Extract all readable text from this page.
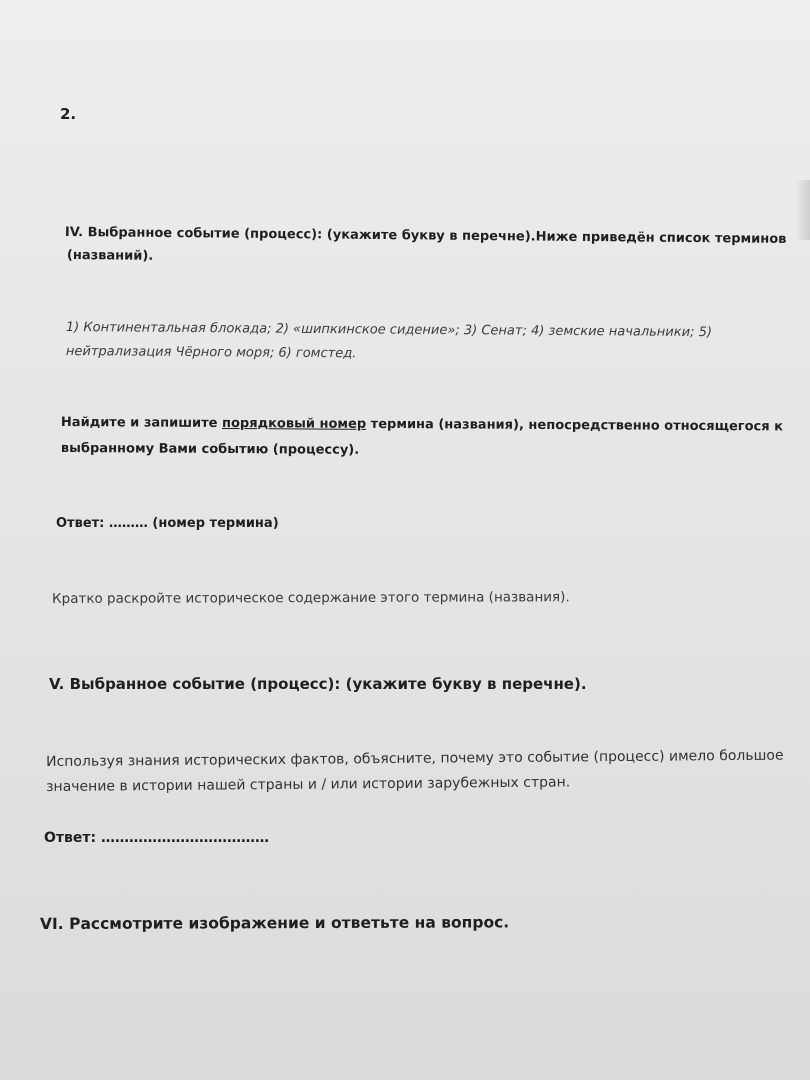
2.

IV. Выбранное событие (процесс): (укажите букву в перечне).Ниже приведён список терминов

(названий).

1) Континентальная блокада; 2) «шипкинское сидение»; 3) Сенат; 4) земские начальники; 5)

нейтрализация Чёрного моря; 6) гомстед.

Найдите и запишите порядковый номер термина (названия), непосредственно относящегося к

выбранному Вами событию (процессу).

Ответ: ……… (номер термина)

Кратко раскройте историческое содержание этого термина (названия).

V. Выбранное событие (процесс): (укажите букву в перечне).

Используя знания исторических фактов, объясните, почему это событие (процесс) имело большое

значение в истории нашей страны и / или истории зарубежных стран.

Ответ: ………………………………

VI. Рассмотрите изображение и ответьте на вопрос.
